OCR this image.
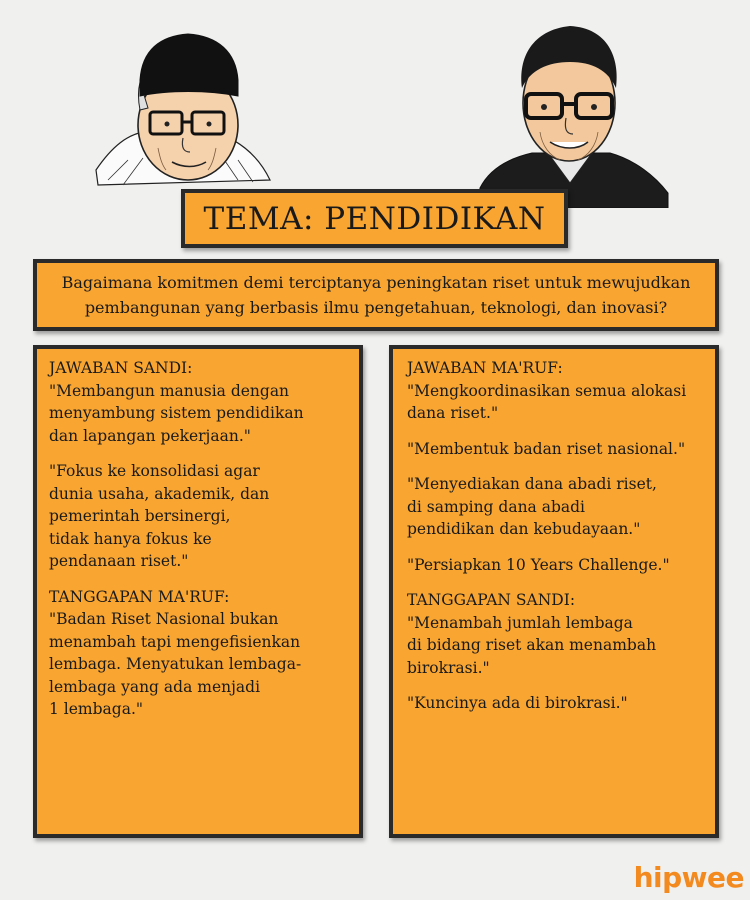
TEMA: PENDIDIKAN
Bagaimana komitmen demi terciptanya peningkatan riset untuk mewujudkan pembangunan yang berbasis ilmu pengetahuan, teknologi, dan inovasi?
JAWABAN SANDI:

"Membangun manusia dengan
menyambung sistem pendidikan
dan lapangan pekerjaan."

"Fokus ke konsolidasi agar
dunia usaha, akademik, dan
pemerintah bersinergi,
tidak hanya fokus ke
pendanaan riset."

TANGGAPAN MA'RUF:

"Badan Riset Nasional bukan
menambah tapi mengefisienkan
lembaga. Menyatukan lembaga-
lembaga yang ada menjadi
1 lembaga."

JAWABAN MA'RUF:

"Mengkoordinasikan semua alokasi
dana riset."

"Membentuk badan riset nasional."

"Menyediakan dana abadi riset,
di samping dana abadi
pendidikan dan kebudayaan."

"Persiapkan 10 Years Challenge."

TANGGAPAN SANDI:

"Menambah jumlah lembaga
di bidang riset akan menambah
birokrasi."

"Kuncinya ada di birokrasi."

hipwee
